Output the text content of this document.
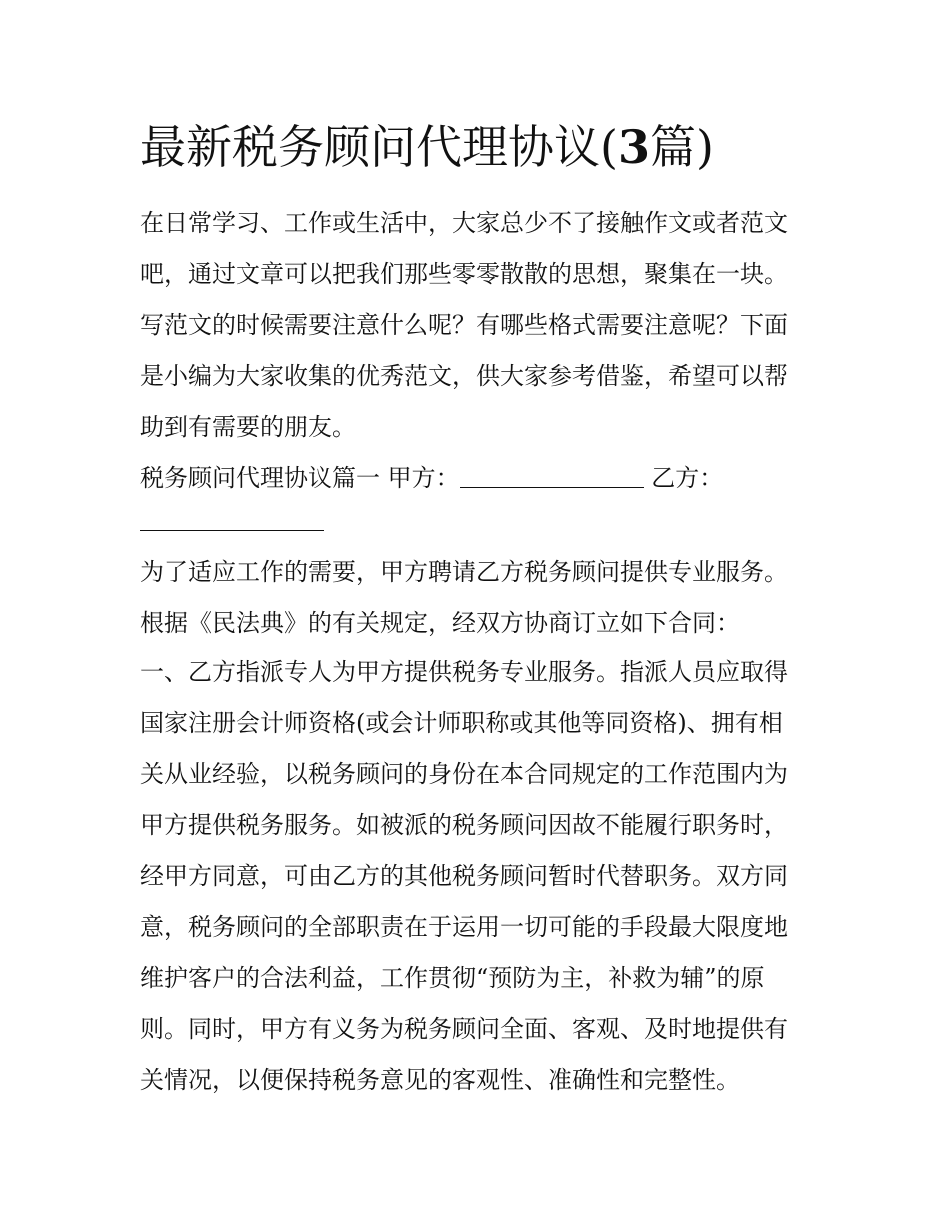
最新税务顾问代理协议(3篇)

在日常学习、工作或生活中，大家总少不了接触作文或者范文

吧，通过文章可以把我们那些零零散散的思想，聚集在一块。

写范文的时候需要注意什么呢？有哪些格式需要注意呢？下面

是小编为大家收集的优秀范文，供大家参考借鉴，希望可以帮

助到有需要的朋友。

税务顾问代理协议篇一 甲方：	乙方：

为了适应工作的需要，甲方聘请乙方税务顾问提供专业服务。

根据《民法典》的有关规定，经双方协商订立如下合同：

一、乙方指派专人为甲方提供税务专业服务。指派人员应取得

国家注册会计师资格(或会计师职称或其他等同资格)、拥有相

关从业经验，以税务顾问的身份在本合同规定的工作范围内为

甲方提供税务服务。如被派的税务顾问因故不能履行职务时，

经甲方同意，可由乙方的其他税务顾问暂时代替职务。双方同

意，税务顾问的全部职责在于运用一切可能的手段最大限度地

维护客户的合法利益，工作贯彻“预防为主，补救为辅”的原

则。同时，甲方有义务为税务顾问全面、客观、及时地提供有

关情况，以便保持税务意见的客观性、准确性和完整性。
